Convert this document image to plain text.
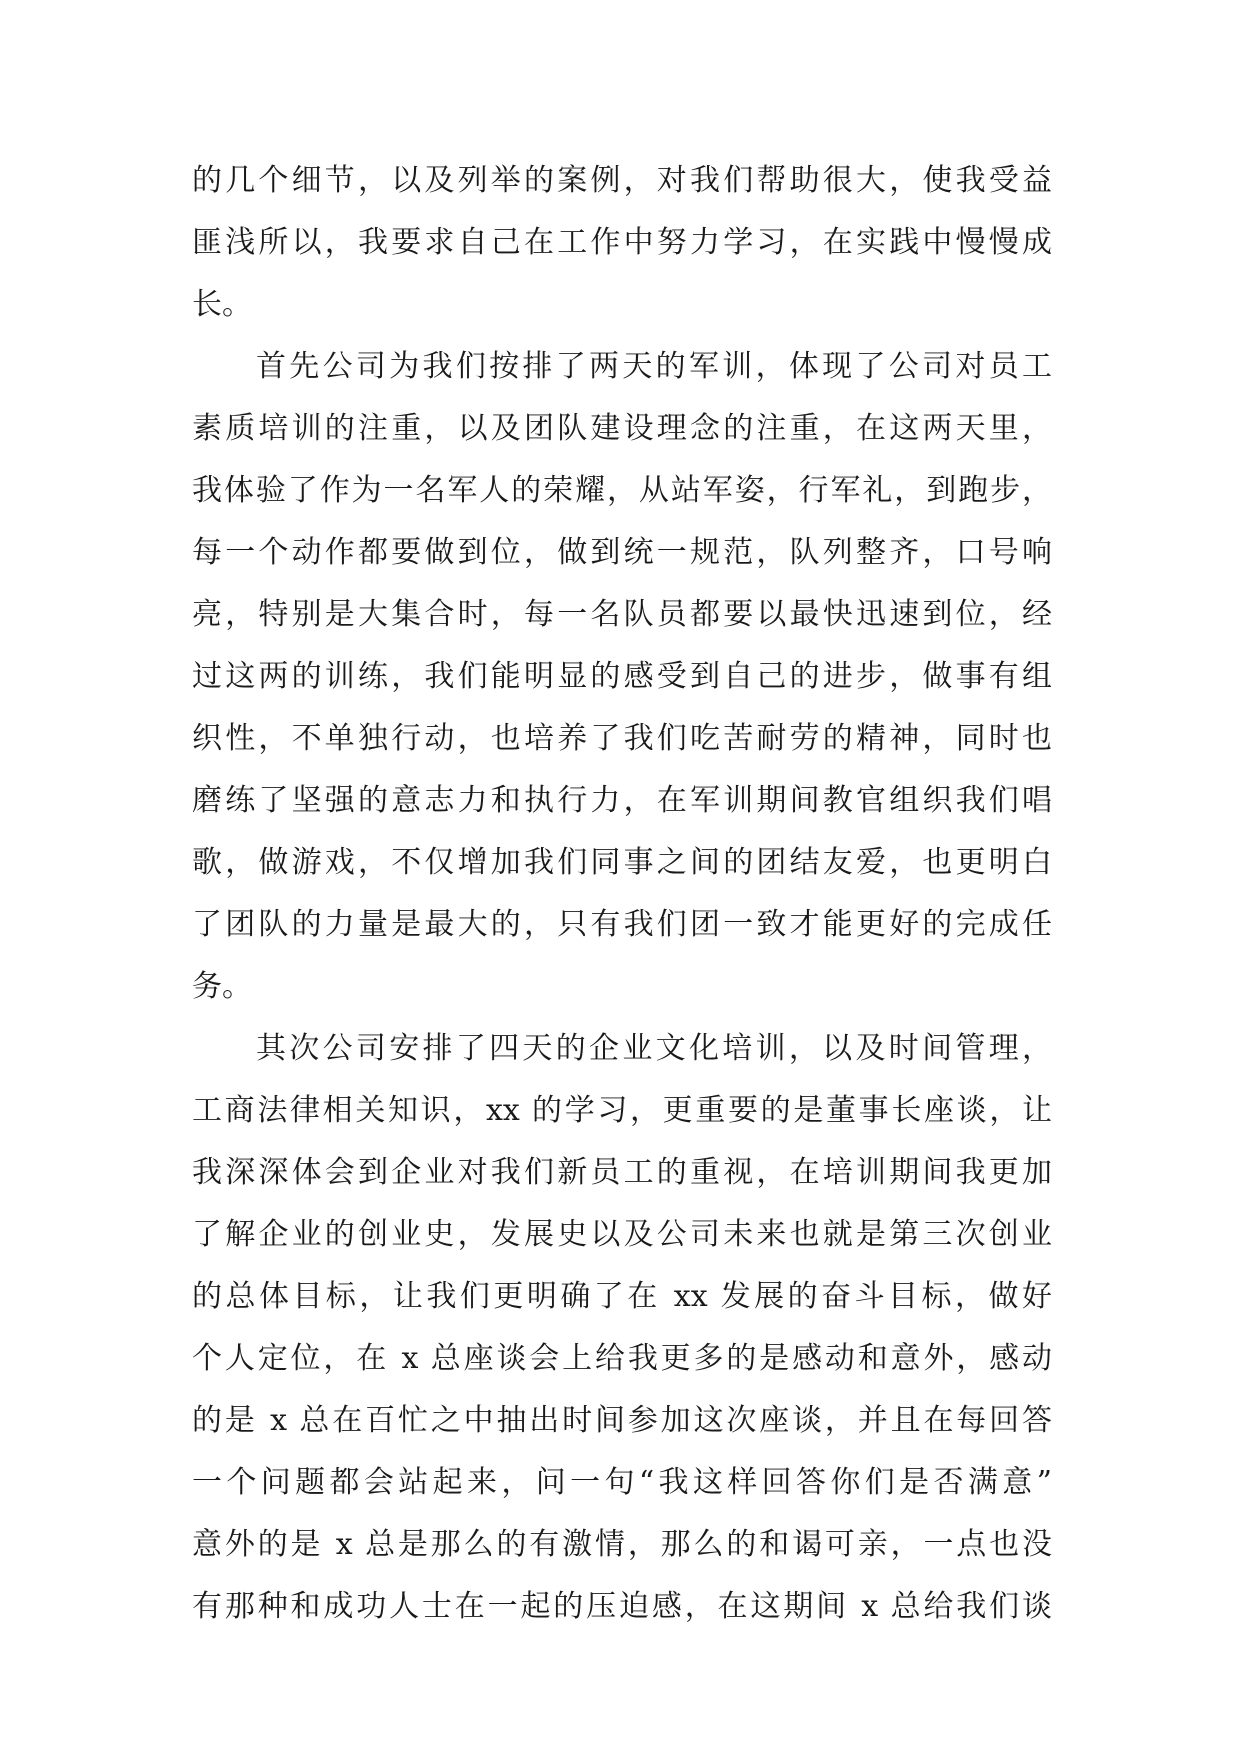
的几个细节，以及列举的案例，对我们帮助很大，使我受益
匪浅所以，我要求自己在工作中努力学习，在实践中慢慢成
长。
首先公司为我们按排了两天的军训，体现了公司对员工
素质培训的注重，以及团队建设理念的注重，在这两天里，
我体验了作为一名军人的荣耀，从站军姿，行军礼，到跑步，
每一个动作都要做到位，做到统一规范，队列整齐，口号响
亮，特别是大集合时，每一名队员都要以最快迅速到位，经
过这两的训练，我们能明显的感受到自己的进步，做事有组
织性，不单独行动，也培养了我们吃苦耐劳的精神，同时也
磨练了坚强的意志力和执行力，在军训期间教官组织我们唱
歌，做游戏，不仅增加我们同事之间的团结友爱，也更明白
了团队的力量是最大的，只有我们团一致才能更好的完成任
务。
其次公司安排了四天的企业文化培训，以及时间管理，
工商法律相关知识，xx 的学习，更重要的是董事长座谈，让
我深深体会到企业对我们新员工的重视，在培训期间我更加
了解企业的创业史，发展史以及公司未来也就是第三次创业
的总体目标，让我们更明确了在 xx 发展的奋斗目标，做好
个人定位，在 x 总座谈会上给我更多的是感动和意外，感动
的是 x 总在百忙之中抽出时间参加这次座谈，并且在每回答
一个问题都会站起来，问一句“我这样回答你们是否满意”
意外的是 x 总是那么的有激情，那么的和谒可亲，一点也没
有那种和成功人士在一起的压迫感，在这期间 x 总给我们谈
